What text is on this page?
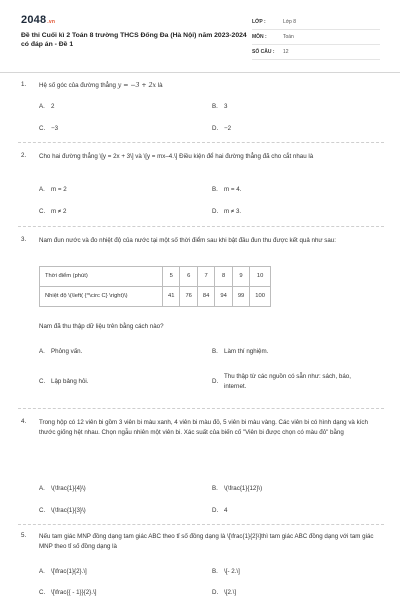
2048.vn
Đề thi Cuối kì 2 Toán 8 trường THCS Đống Đa (Hà Nội) năm 2023-2024 có đáp án - Đề 1
LỚP :	Lớp 8
MÔN :	Toán
SỐ CÂU :	12
1. Hệ số góc của đường thẳng y = −3 + 2x là
A. 2	B. 3
C. −3	D. −2
2. Cho hai đường thẳng \[y = 2x + 3\] và \[y = mx–4.\] Điều kiện để hai đường thẳng đã cho cắt nhau là
A. m = 2	B. m = 4.
C. m ≠ 2	D. m ≠ 3.
3. Nam đun nước và đo nhiệt độ của nước tại một số thời điểm sau khi bật đầu đun thu được kết quả như sau:
Thời điểm (phút)	5	6	7	8	9	10
Nhiệt độ \(\left( {^\circ C} \right)\)	41	76	84	94	99	100
Nam đã thu thập dữ liệu trên bằng cách nào?
A. Phỏng vấn.	B. Làm thí nghiệm.
C. Lập bảng hỏi.	D.
Thu thập từ các nguồn có sẵn như: sách, báo, internet.
4. Trong hộp có 12 viên bi gồm 3 viên bi màu xanh, 4 viên bi màu đỏ, 5 viên bi màu vàng. Các viên bi có hình dạng và kích thước giống hệt nhau. Chọn ngẫu nhiên một viên bi. Xác suất của biến cố "Viên bi được chọn có màu đỏ" bằng
A. \(\frac{1}{4}\)	B. \(\frac{1}{12}\)
C. \(\frac{1}{3}\)	D. 4
5. Nếu tam giác MNP đồng dạng tam giác ABC theo tỉ số đồng dạng là \[\frac{1}{2}\]thì tam giác ABC đồng dạng với tam giác MNP theo tỉ số đồng dạng là
A. \[\frac{1}{2}.\]	B. \[- 2.\]
C. \[\frac{{ - 1}}{2}.\]	D. \[2.\]
